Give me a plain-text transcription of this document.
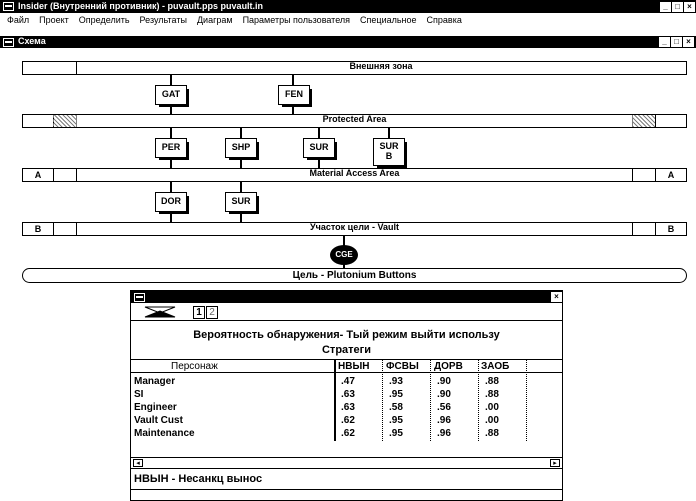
Insider (Внутренний противник) - puvault.pps puvault.in	_ □ ×
Файл	Проект	Определить	Результаты	Диаграм	Параметры пользователя	Специальное	Справка
Схема	_ □ ×
Внешняя зона
GAT	FEN
Protected Area
PER	SHP	SUR	SUR
B
A	A
Material Access Area
DOR	SUR
B	B
Участок цели - Vault
CGE
Цель - Plutonium Buttons
×
1 2
Вероятность обнаружения- Тый режим выйти использу
Стратеги
Персонаж	НВЫН ФСВЫ ДОРВ ЗАОБ
Manager	.47	.93	.90	.88
SI	.63	.95	.90	.88
Engineer	.63	.58	.56	.00
Vault Cust	.62	.95	.96	.00
Maintenance	.62	.95	.96	.88
◂	▸
НВЫН - Несанкц вынос
